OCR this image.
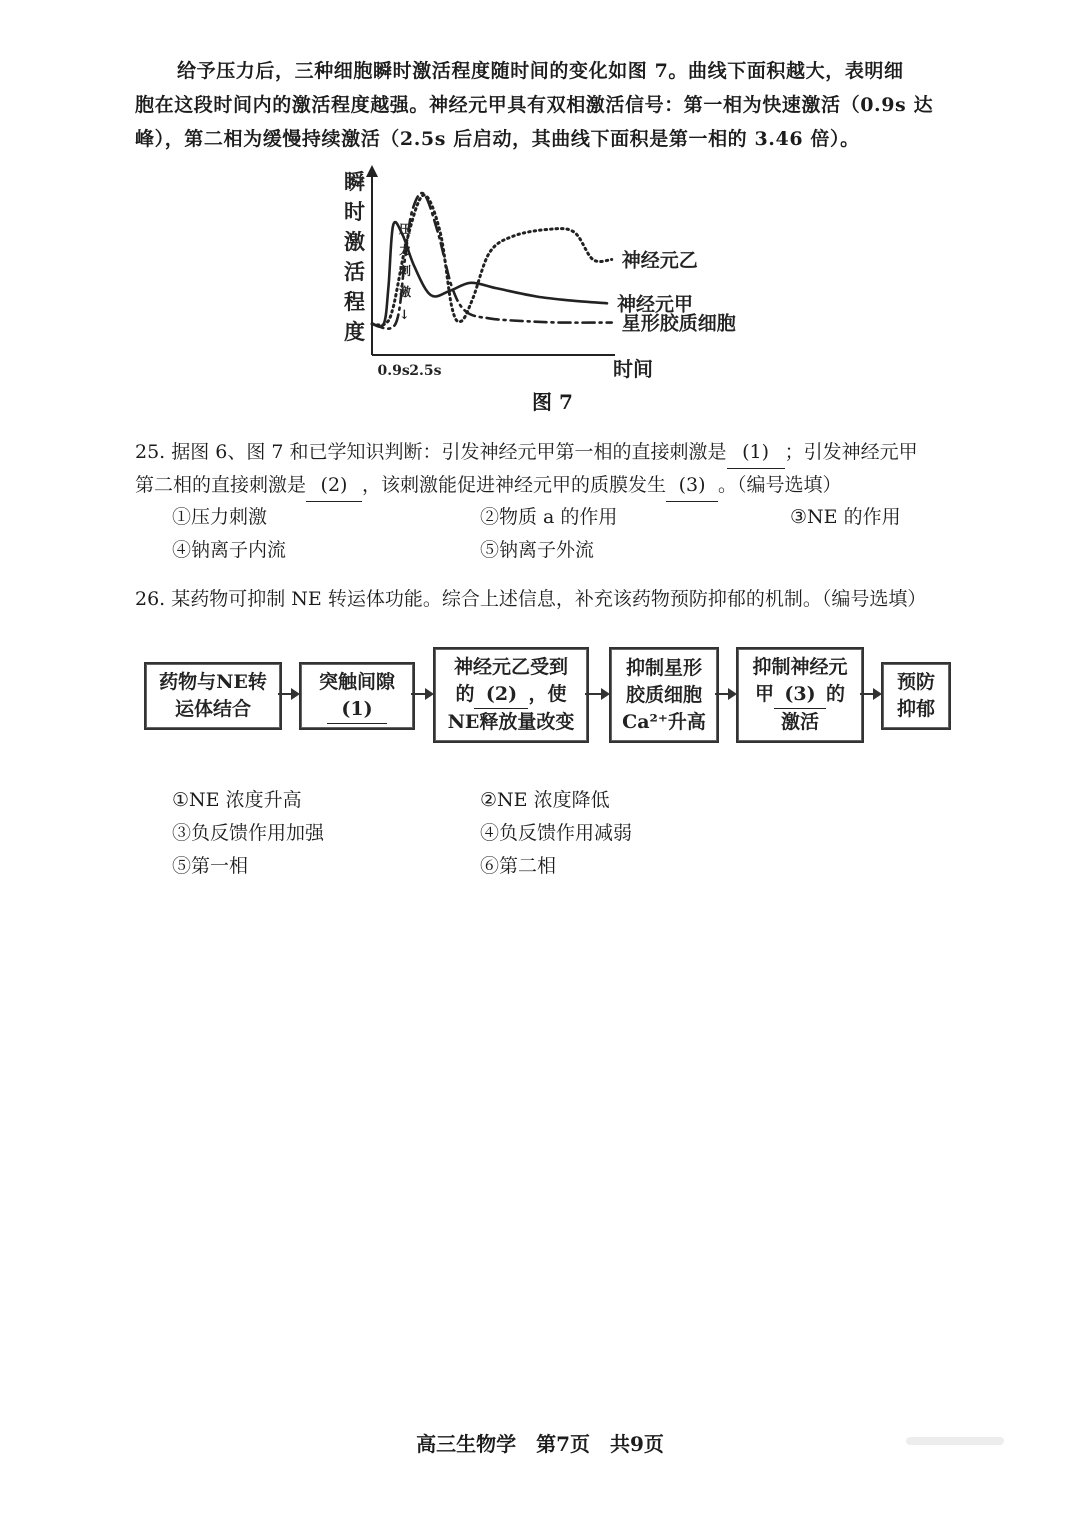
给予压力后，三种细胞瞬时激活程度随时间的变化如图 7。曲线下面积越大，表明细
胞在这段时间内的激活程度越强。神经元甲具有双相激活信号：第一相为快速激活（0.9s 达
峰），第二相为缓慢持续激活（2.5s 后启动，其曲线下面积是第一相的 3.46 倍）。
瞬
时
激
活
程
度
压
力
刺
激
↓
神经元乙
神经元甲
星形胶质细胞
0.9s 2.5s	时间
图 7
25. 据图 6、图 7 和已学知识判断：引发神经元甲第一相的直接刺激是 (1) ；引发神经元甲
第二相的直接刺激是 (2) ，该刺激能促进神经元甲的质膜发生 (3) 。（编号选填）
①压力刺激	②物质 a 的作用	③NE 的作用
④钠离子内流	⑤钠离子外流
26. 某药物可抑制 NE 转运体功能。综合上述信息，补充该药物预防抑郁的机制。（编号选填）
药物与NE转
运体结合
突触间隙
(1)
神经元乙受到
的 (2) ，使
NE释放量改变
抑制星形
胶质细胞
Ca²⁺升高
抑制神经元
甲 (3) 的
激活
预防
抑郁
①NE 浓度升高	②NE 浓度降低
③负反馈作用加强	④负反馈作用减弱
⑤第一相	⑥第二相
高三生物学　第7页　共9页
